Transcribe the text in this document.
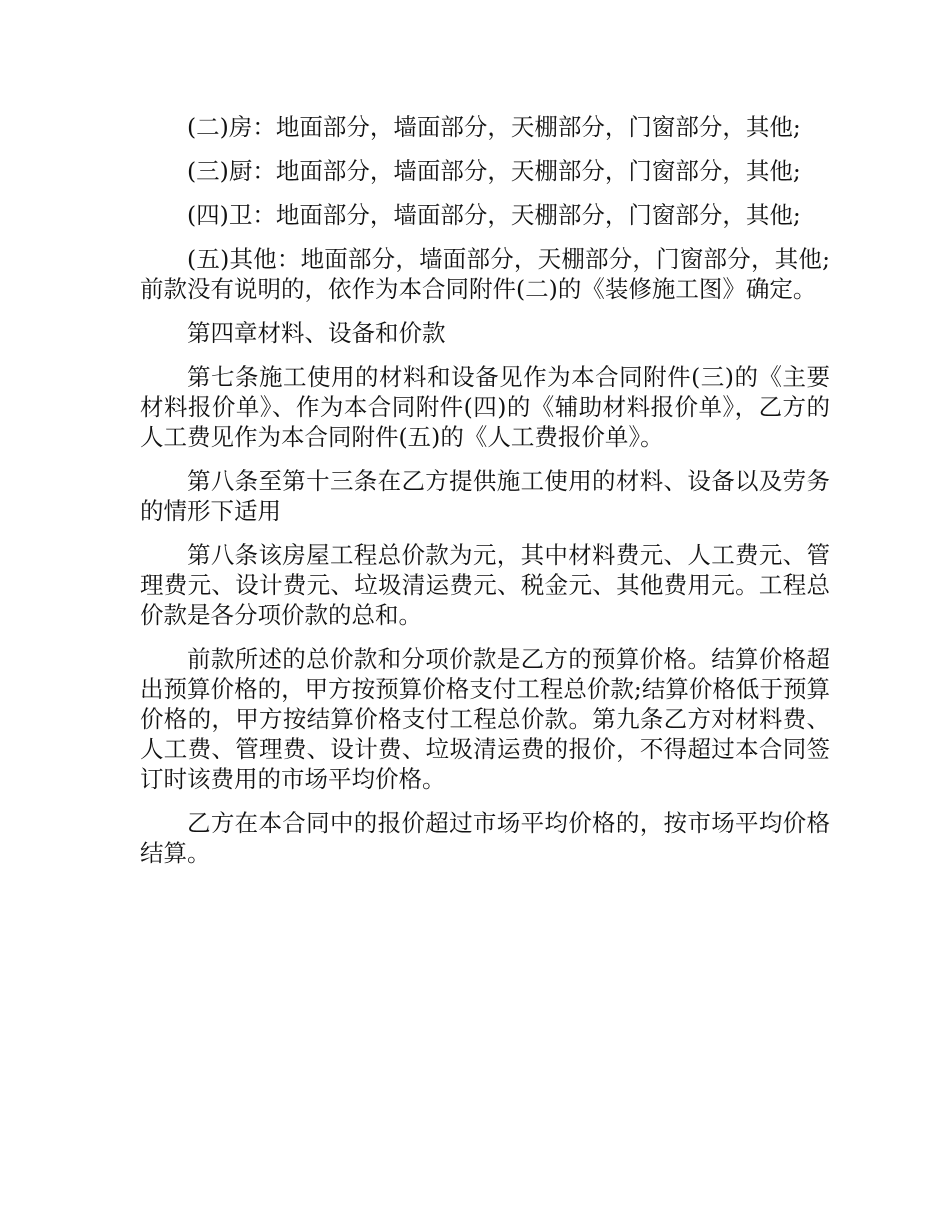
(二)房：地面部分，墙面部分，天棚部分，门窗部分，其他;

(三)厨：地面部分，墙面部分，天棚部分，门窗部分，其他;

(四)卫：地面部分，墙面部分，天棚部分，门窗部分，其他;

(五)其他：地面部分，墙面部分，天棚部分，门窗部分，其他;前款没有说明的，依作为本合同附件(二)的《装修施工图》确定。

第四章材料、设备和价款

第七条施工使用的材料和设备见作为本合同附件(三)的《主要材料报价单》、作为本合同附件(四)的《辅助材料报价单》，乙方的人工费见作为本合同附件(五)的《人工费报价单》。

第八条至第十三条在乙方提供施工使用的材料、设备以及劳务的情形下适用

第八条该房屋工程总价款为元，其中材料费元、人工费元、管理费元、设计费元、垃圾清运费元、税金元、其他费用元。工程总价款是各分项价款的总和。

前款所述的总价款和分项价款是乙方的预算价格。结算价格超出预算价格的，甲方按预算价格支付工程总价款;结算价格低于预算价格的，甲方按结算价格支付工程总价款。第九条乙方对材料费、人工费、管理费、设计费、垃圾清运费的报价，不得超过本合同签订时该费用的市场平均价格。

乙方在本合同中的报价超过市场平均价格的，按市场平均价格结算。
